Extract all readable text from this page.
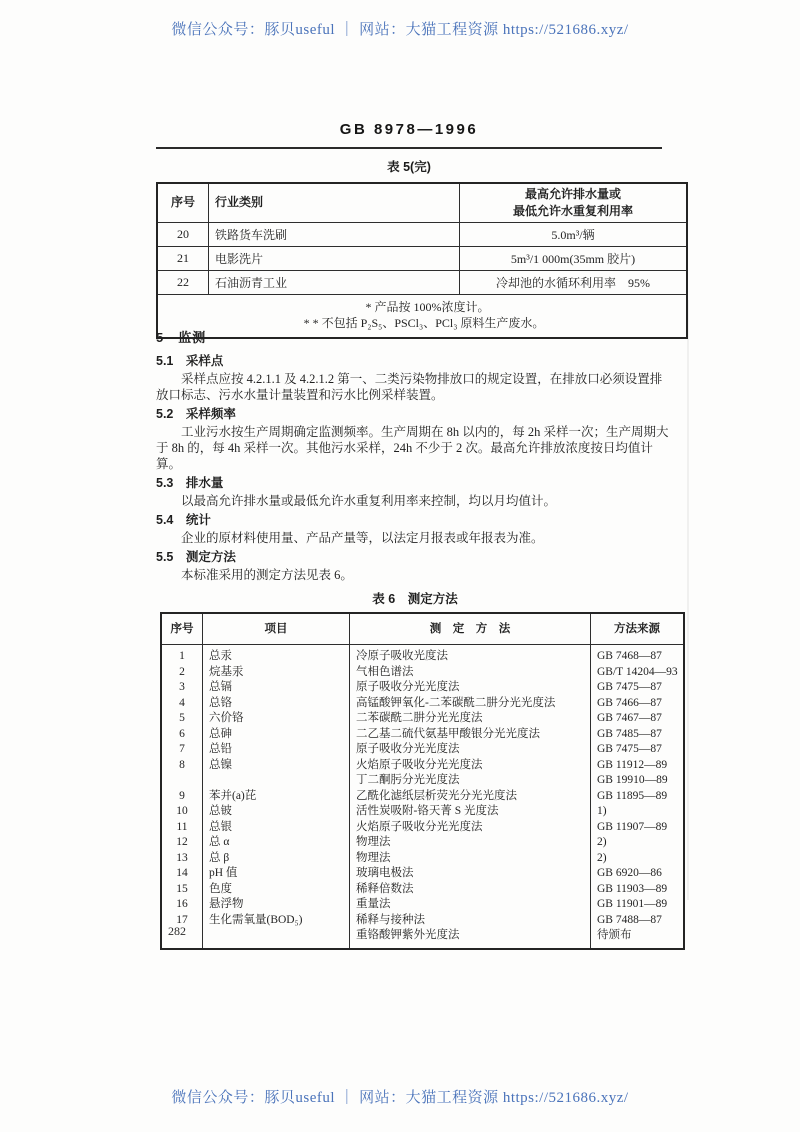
微信公众号：豚贝useful ｜ 网站：大猫工程资源 https://521686.xyz/
GB 8978—1996
表 5(完)
序号	行业类别	最高允许排水量或
最低允许水重复利用率

20	铁路货车洗刷	5.0m³/辆
21	电影洗片	5m³/1 000m(35mm 胶片)
22	石油沥青工业	冷却池的水循环利用率　95%

* 产品按 100%浓度计。
* * 不包括 P₂S₅、PSCl₃、PCl₃ 原料生产废水。		
5　监测
5.1　 采样点

采样点应按 4.2.1.1 及 4.2.1.2 第一、二类污染物排放口的规定设置，在排放口必须设置排放口标志、污水水量计量装置和污水比例采样装置。

5.2　 采样频率

工业污水按生产周期确定监测频率。生产周期在 8h 以内的，每 2h 采样一次；生产周期大于 8h 的，每 4h 采样一次。其他污水采样，24h 不少于 2 次。最高允许排放浓度按日均值计算。

5.3　 排水量

以最高允许排水量或最低允许水重复利用率来控制，均以月均值计。

5.4　 统计

企业的原材料使用量、产品产量等，以法定月报表或年报表为准。

5.5　 测定方法

本标准采用的测定方法见表 6。

表 6　测定方法
序号	项目	测　定　方　法	方法来源
1	总汞	冷原子吸收光度法	GB 7468—87
2	烷基汞	气相色谱法	GB/T 14204—93
3	总镉	原子吸收分光光度法	GB 7475—87
4	总铬	高锰酸钾氧化-二苯碳酰二肼分光光度法	GB 7466—87
5	六价铬	二苯碳酰二肼分光光度法	GB 7467—87
6	总砷	二乙基二硫代氨基甲酸银分光光度法	GB 7485—87
7	总铅	原子吸收分光光度法	GB 7475—87
8	总镍	火焰原子吸收分光光度法	GB 11912—89
		丁二酮肟分光光度法	GB 19910—89
9	苯并(a)芘	乙酰化滤纸层析荧光分光光度法	GB 11895—89
10	总铍	活性炭吸附-铬天菁 S 光度法	1)
11	总银	火焰原子吸收分光光度法	GB 11907—89
12	总 α	物理法	2)
13	总 β	物理法	2)
14	pH 值	玻璃电极法	GB 6920—86
15	色度	稀释倍数法	GB 11903—89
16	悬浮物	重量法	GB 11901—89
17	生化需氧量(BOD₅)	稀释与接种法	GB 7488—87
		重铬酸钾紫外光度法	待颁布
282
微信公众号：豚贝useful ｜ 网站：大猫工程资源 https://521686.xyz/
